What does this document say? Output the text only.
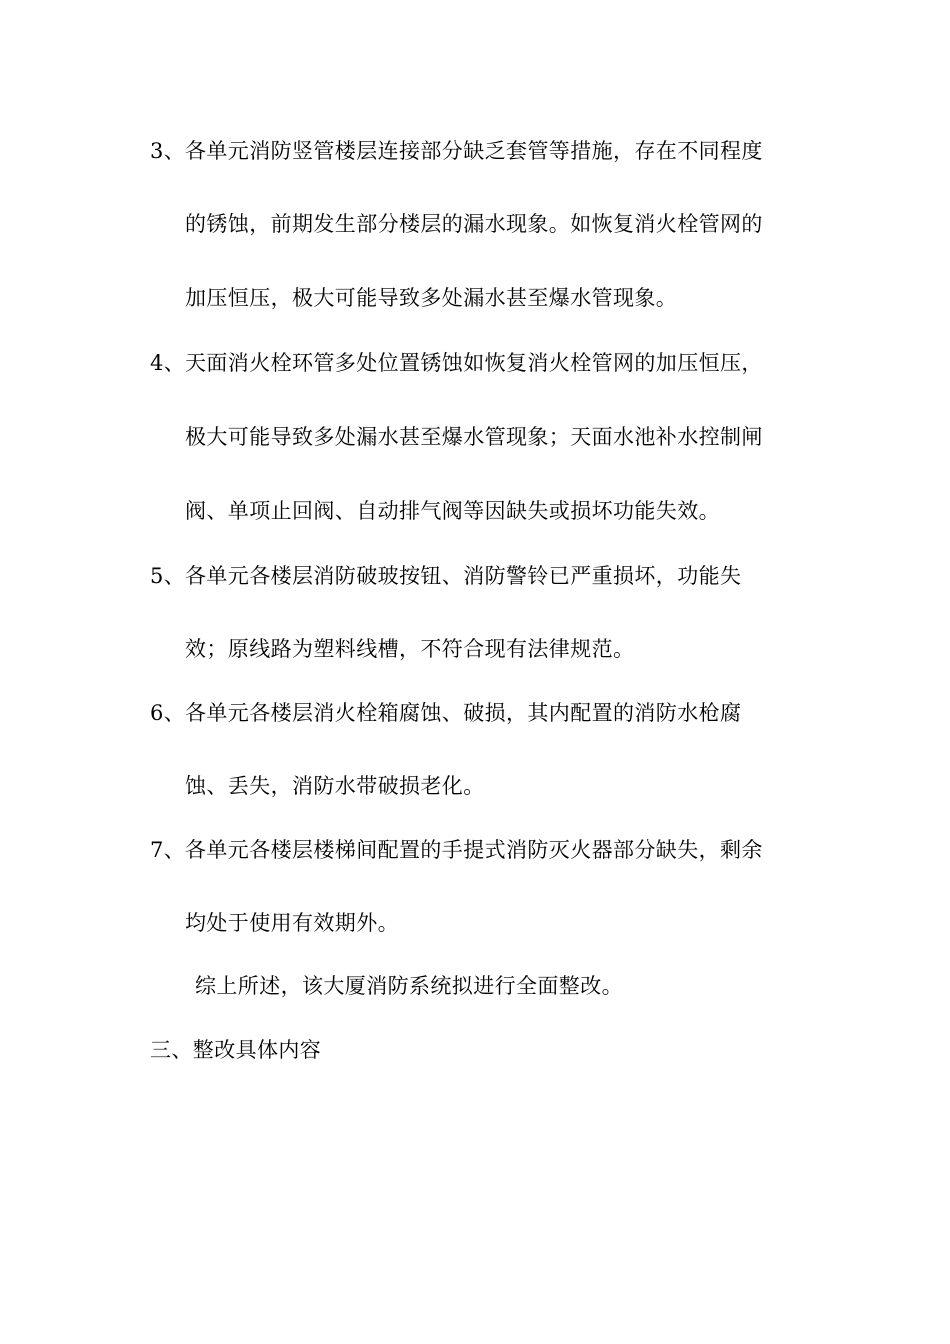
3、 各单元消防竖管楼层连接部分缺乏套管等措施，存在不同程度
的锈蚀，前期发生部分楼层的漏水现象。如恢复消火栓管网的
加压恒压，极大可能导致多处漏水甚至爆水管现象。
4、 天面消火栓环管多处位置锈蚀如恢复消火栓管网的加压恒压，
极大可能导致多处漏水甚至爆水管现象；天面水池补水控制闸
阀、单项止回阀、自动排气阀等因缺失或损坏功能失效。
5、 各单元各楼层消防破玻按钮、消防警铃已严重损坏，功能失
效；原线路为塑料线槽，不符合现有法律规范。
6、 各单元各楼层消火栓箱腐蚀、破损，其内配置的消防水枪腐
蚀、丢失，消防水带破损老化。
7、 各单元各楼层楼梯间配置的手提式消防灭火器部分缺失，剩余
均处于使用有效期外。
综上所述，该大厦消防系统拟进行全面整改。
三、整改具体内容
